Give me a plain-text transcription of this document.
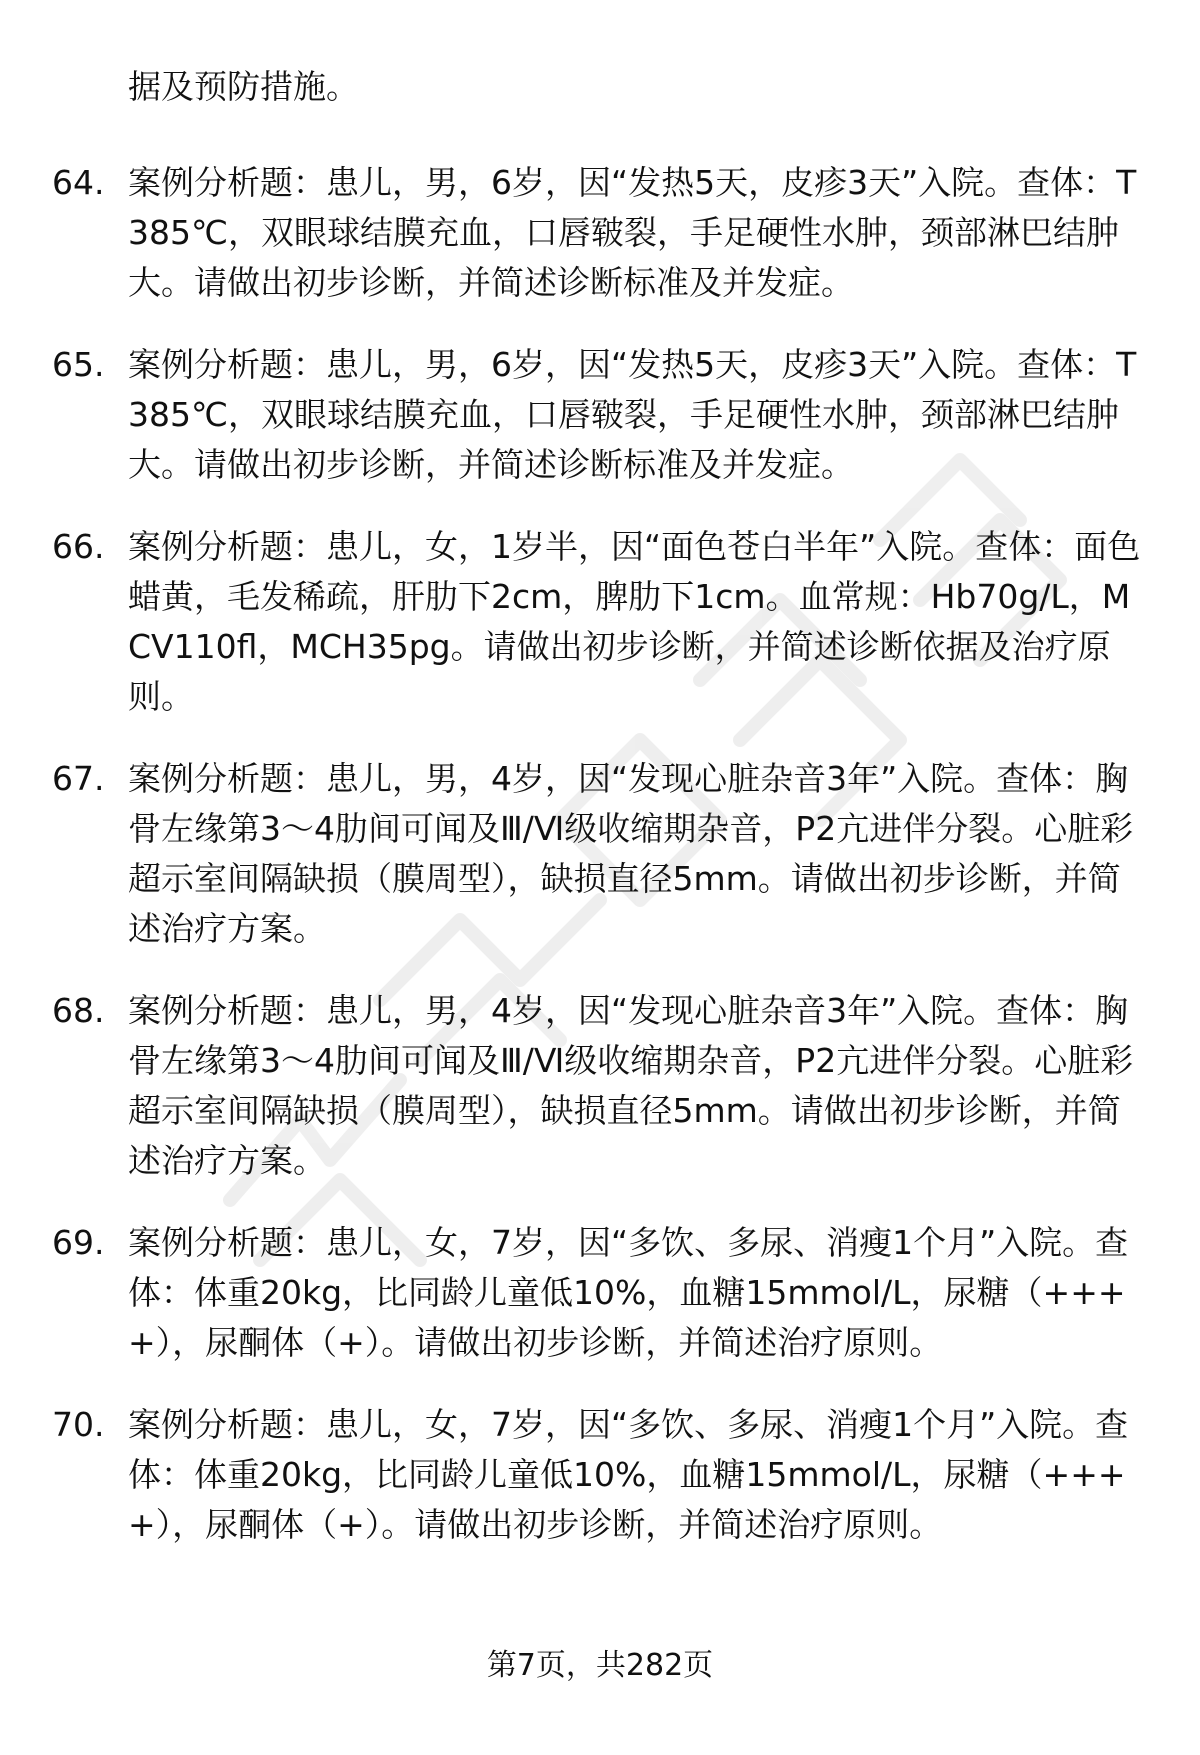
据及预防措施。

64. 案例分析题：患儿，男，6岁，因“发热5天，皮疹3天”入院。查体：T385℃，双眼球结膜充血，口唇皲裂，手足硬性水肿，颈部淋巴结肿大。请做出初步诊断，并简述诊断标准及并发症。
65. 案例分析题：患儿，男，6岁，因“发热5天，皮疹3天”入院。查体：T385℃，双眼球结膜充血，口唇皲裂，手足硬性水肿，颈部淋巴结肿大。请做出初步诊断，并简述诊断标准及并发症。
66. 案例分析题：患儿，女，1岁半，因“面色苍白半年”入院。查体：面色蜡黄，毛发稀疏，肝肋下2cm，脾肋下1cm。血常规：Hb70g/L，MCV110fl，MCH35pg。请做出初步诊断，并简述诊断依据及治疗原则。
67. 案例分析题：患儿，男，4岁，因“发现心脏杂音3年”入院。查体：胸骨左缘第3～4肋间可闻及Ⅲ/Ⅵ级收缩期杂音，P2亢进伴分裂。心脏彩超示室间隔缺损（膜周型），缺损直径5mm。请做出初步诊断，并简述治疗方案。
68. 案例分析题：患儿，男，4岁，因“发现心脏杂音3年”入院。查体：胸骨左缘第3～4肋间可闻及Ⅲ/Ⅵ级收缩期杂音，P2亢进伴分裂。心脏彩超示室间隔缺损（膜周型），缺损直径5mm。请做出初步诊断，并简述治疗方案。
69. 案例分析题：患儿，女，7岁，因“多饮、多尿、消瘦1个月”入院。查体：体重20kg，比同龄儿童低10%，血糖15mmol/L，尿糖（++++），尿酮体（+）。请做出初步诊断，并简述治疗原则。
70. 案例分析题：患儿，女，7岁，因“多饮、多尿、消瘦1个月”入院。查体：体重20kg，比同龄儿童低10%，血糖15mmol/L，尿糖（++++），尿酮体（+）。请做出初步诊断，并简述治疗原则。
第7页，共282页
